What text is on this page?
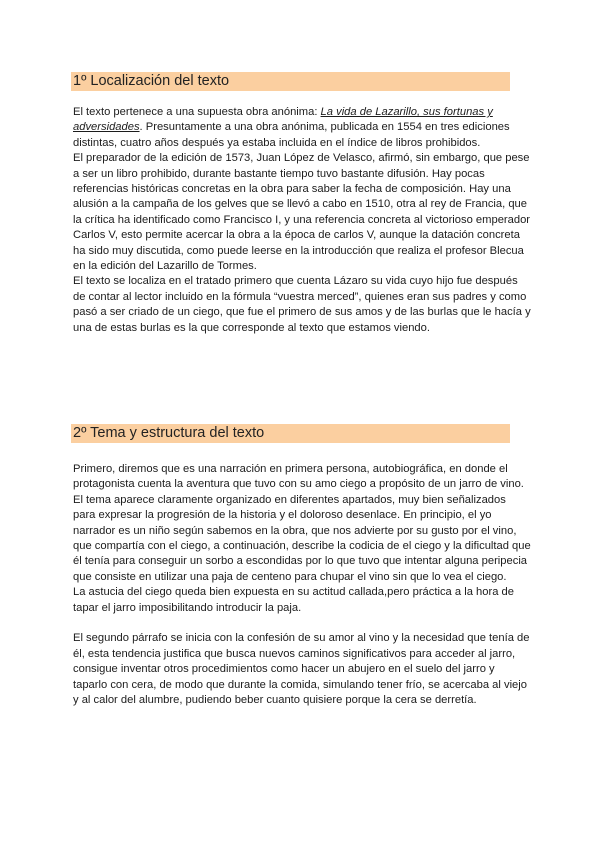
1º Localización del texto

El texto pertenece a una supuesta obra anónima: La vida de Lazarillo, sus fortunas y adversidades. Presuntamente a una obra anónima, publicada en 1554 en tres ediciones distintas, cuatro años después ya estaba incluida en el índice de libros prohibidos.

El preparador de la edición de 1573, Juan López de Velasco, afirmó, sin embargo, que pese a ser un libro prohibido, durante bastante tiempo tuvo bastante difusión. Hay pocas referencias históricas concretas en la obra para saber la fecha de composición. Hay una alusión a la campaña de los gelves que se llevó a cabo en 1510, otra al rey de Francia, que la crítica ha identificado como Francisco I, y una referencia concreta al victorioso emperador Carlos V, esto permite acercar la obra a la época de carlos V, aunque la datación concreta ha sido muy discutida, como puede leerse en la introducción que realiza el profesor Blecua en la edición del Lazarillo de Tormes.

El texto se localiza en el tratado primero que cuenta Lázaro su vida cuyo hijo fue después de contar al lector incluido en la fórmula “vuestra merced”, quienes eran sus padres y como pasó a ser criado de un ciego, que fue el primero de sus amos y de las burlas que le hacía y una de estas burlas es la que corresponde al texto que estamos viendo.

2º Tema y estructura del texto

Primero, diremos que es una narración en primera persona, autobiográfica, en donde el protagonista cuenta la aventura que tuvo con su amo ciego a propósito de un jarro de vino.

El tema aparece claramente organizado en diferentes apartados, muy bien señalizados para expresar la progresión de la historia y el doloroso desenlace. En principio, el yo narrador es un niño según sabemos en la obra, que nos advierte por su gusto por el vino, que compartía con el ciego, a continuación, describe la codicia de el ciego y la dificultad que él tenía para conseguir un sorbo a escondidas por lo que tuvo que intentar alguna peripecia que consiste en utilizar una paja de centeno para chupar el vino sin que lo vea el ciego.

La astucia del ciego queda bien expuesta en su actitud callada,pero práctica a la hora de tapar el jarro imposibilitando introducir la paja.

El segundo párrafo se inicia con la confesión de su amor al vino y la necesidad que tenía de él, esta tendencia justifica que busca nuevos caminos significativos para acceder al jarro, consigue inventar otros procedimientos como hacer un abujero en el suelo del jarro y taparlo con cera, de modo que durante la comida, simulando tener frío, se acercaba al viejo y al calor del alumbre, pudiendo beber cuanto quisiere porque la cera se derretía.
